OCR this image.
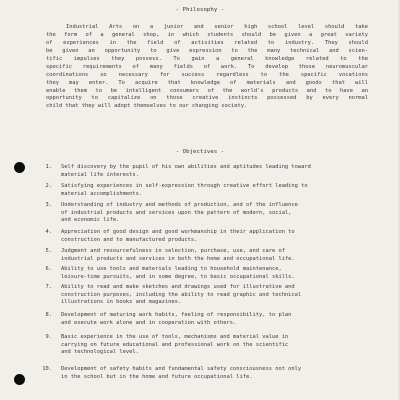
- Philosophy -
Industrial Arts on a junior and senior high school level should take
the form of a general shop, in which students should be given a great variety
of experiences in the field of activities related to industry. They should
be given an opportunity to give expression to the many technical and scien-
tific impulses they possess. To gain a general knowledge related to the
specific requirements of many fields of work. To develop those neuromuscular
coordinations so necessary for success regardless to the specific vocations
they may enter. To acquire that knowledge of materials and goods that will
enable them to be intelligent consumers of the world's products and to have an
opportunity to capitalize on those creative instincts possessed by every normal
child that they will adopt themselves to our changing society.
- Objectives -
1. Self discovery by the pupil of his own abilities and aptitudes leading toward
material life interests.
2. Satisfying experiences in self-expression through creative effort leading to
material accomplishments.
3. Understanding of industry and methods of production, and of the influence
of industrial products and services upon the pattern of modern, social,
and economic life.
4. Appreciation of good design and good workmanship in their application to
construction and to manufactured products.
5. Judgment and resourcefulness in selection, purchase, use, and care of
industrial products and services in both the home and occupational life.
6. Ability to use tools and materials leading to household maintenance,
leisure-time pursuits, and in some degree, to basic occupational skills.
7. Ability to read and make sketches and drawings used for illustrative and
construction purposes, including the ability to read graphic and technical
illustrations in books and magazines.
8. Development of maturing work habits, feeling of responsibility, to plan
and execute work alone and in cooperation with others.
9. Basic experience in the use of tools, mechanisms and material value in
carrying on future educational and professional work on the scientific
and technological level.
10. Development of safety habits and fundamental safety consciousness not only
in the school but in the home and future occupational life.
